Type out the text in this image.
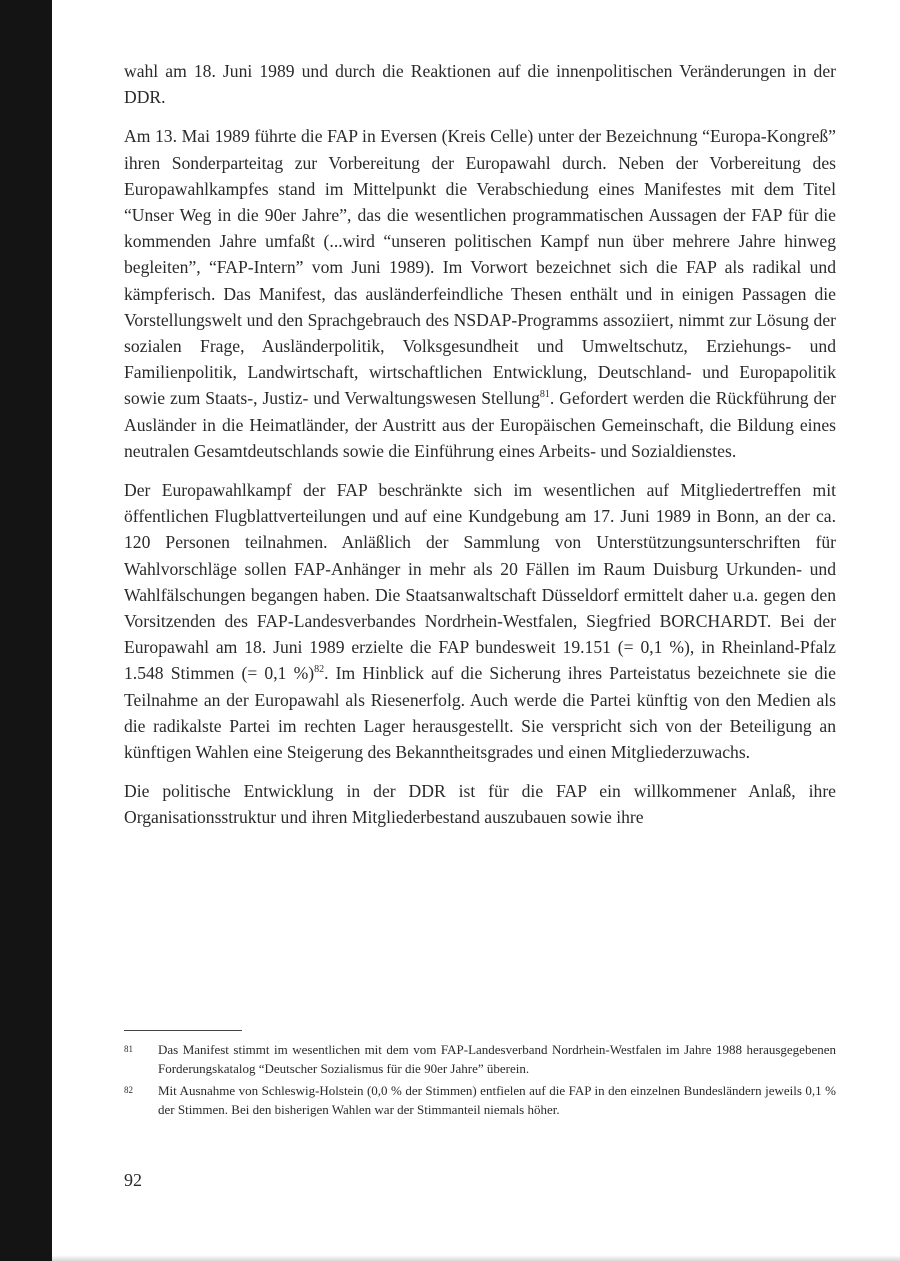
wahl am 18. Juni 1989 und durch die Reaktionen auf die innenpolitischen Veränderungen in der DDR.

Am 13. Mai 1989 führte die FAP in Eversen (Kreis Celle) unter der Bezeichnung “Europa-Kongreß” ihren Sonderparteitag zur Vorbereitung der Europawahl durch. Neben der Vorbereitung des Europawahlkampfes stand im Mittelpunkt die Verabschiedung eines Manifestes mit dem Titel “Unser Weg in die 90er Jahre”, das die wesentlichen programmatischen Aussagen der FAP für die kommenden Jahre umfaßt (...wird “unseren politischen Kampf nun über mehrere Jahre hinweg begleiten”, “FAP-Intern” vom Juni 1989). Im Vorwort bezeichnet sich die FAP als radikal und kämpferisch. Das Manifest, das ausländerfeindliche Thesen enthält und in einigen Passagen die Vorstellungswelt und den Sprachgebrauch des NSDAP-Programms assoziiert, nimmt zur Lösung der sozialen Frage, Ausländerpolitik, Volksgesundheit und Umweltschutz, Erziehungs- und Familienpolitik, Landwirtschaft, wirtschaftlichen Entwicklung, Deutschland- und Europapolitik sowie zum Staats-, Justiz- und Verwaltungswesen Stellung$^{81}$. Gefordert werden die Rückführung der Ausländer in die Heimatländer, der Austritt aus der Europäischen Gemeinschaft, die Bildung eines neutralen Gesamtdeutschlands sowie die Einführung eines Arbeits- und Sozialdienstes.

Der Europawahlkampf der FAP beschränkte sich im wesentlichen auf Mitgliedertreffen mit öffentlichen Flugblattverteilungen und auf eine Kundgebung am 17. Juni 1989 in Bonn, an der ca. 120 Personen teilnahmen. Anläßlich der Sammlung von Unterstützungsunterschriften für Wahlvorschläge sollen FAP-Anhänger in mehr als 20 Fällen im Raum Duisburg Urkunden- und Wahlfälschungen begangen haben. Die Staatsanwaltschaft Düsseldorf ermittelt daher u.a. gegen den Vorsitzenden des FAP-Landesverbandes Nordrhein-Westfalen, Siegfried BORCHARDT. Bei der Europawahl am 18. Juni 1989 erzielte die FAP bundesweit 19.151 (= 0,1 %), in Rheinland-Pfalz 1.548 Stimmen (= 0,1 %)$^{82}$. Im Hinblick auf die Sicherung ihres Parteistatus bezeichnete sie die Teilnahme an der Europawahl als Riesenerfolg. Auch werde die Partei künftig von den Medien als die radikalste Partei im rechten Lager herausgestellt. Sie verspricht sich von der Beteiligung an künftigen Wahlen eine Steigerung des Bekanntheitsgrades und einen Mitgliederzuwachs.

Die politische Entwicklung in der DDR ist für die FAP ein willkommener Anlaß, ihre Organisationsstruktur und ihren Mitgliederbestand auszubauen sowie ihre

81	Das Manifest stimmt im wesentlichen mit dem vom FAP-Landesverband Nordrhein-Westfalen im Jahre 1988 herausgegebenen Forderungskatalog “Deutscher Sozialismus für die 90er Jahre” überein.
82	Mit Ausnahme von Schleswig-Holstein (0,0 % der Stimmen) entfielen auf die FAP in den einzelnen Bundesländern jeweils 0,1 % der Stimmen. Bei den bisherigen Wahlen war der Stimmanteil niemals höher.
92
